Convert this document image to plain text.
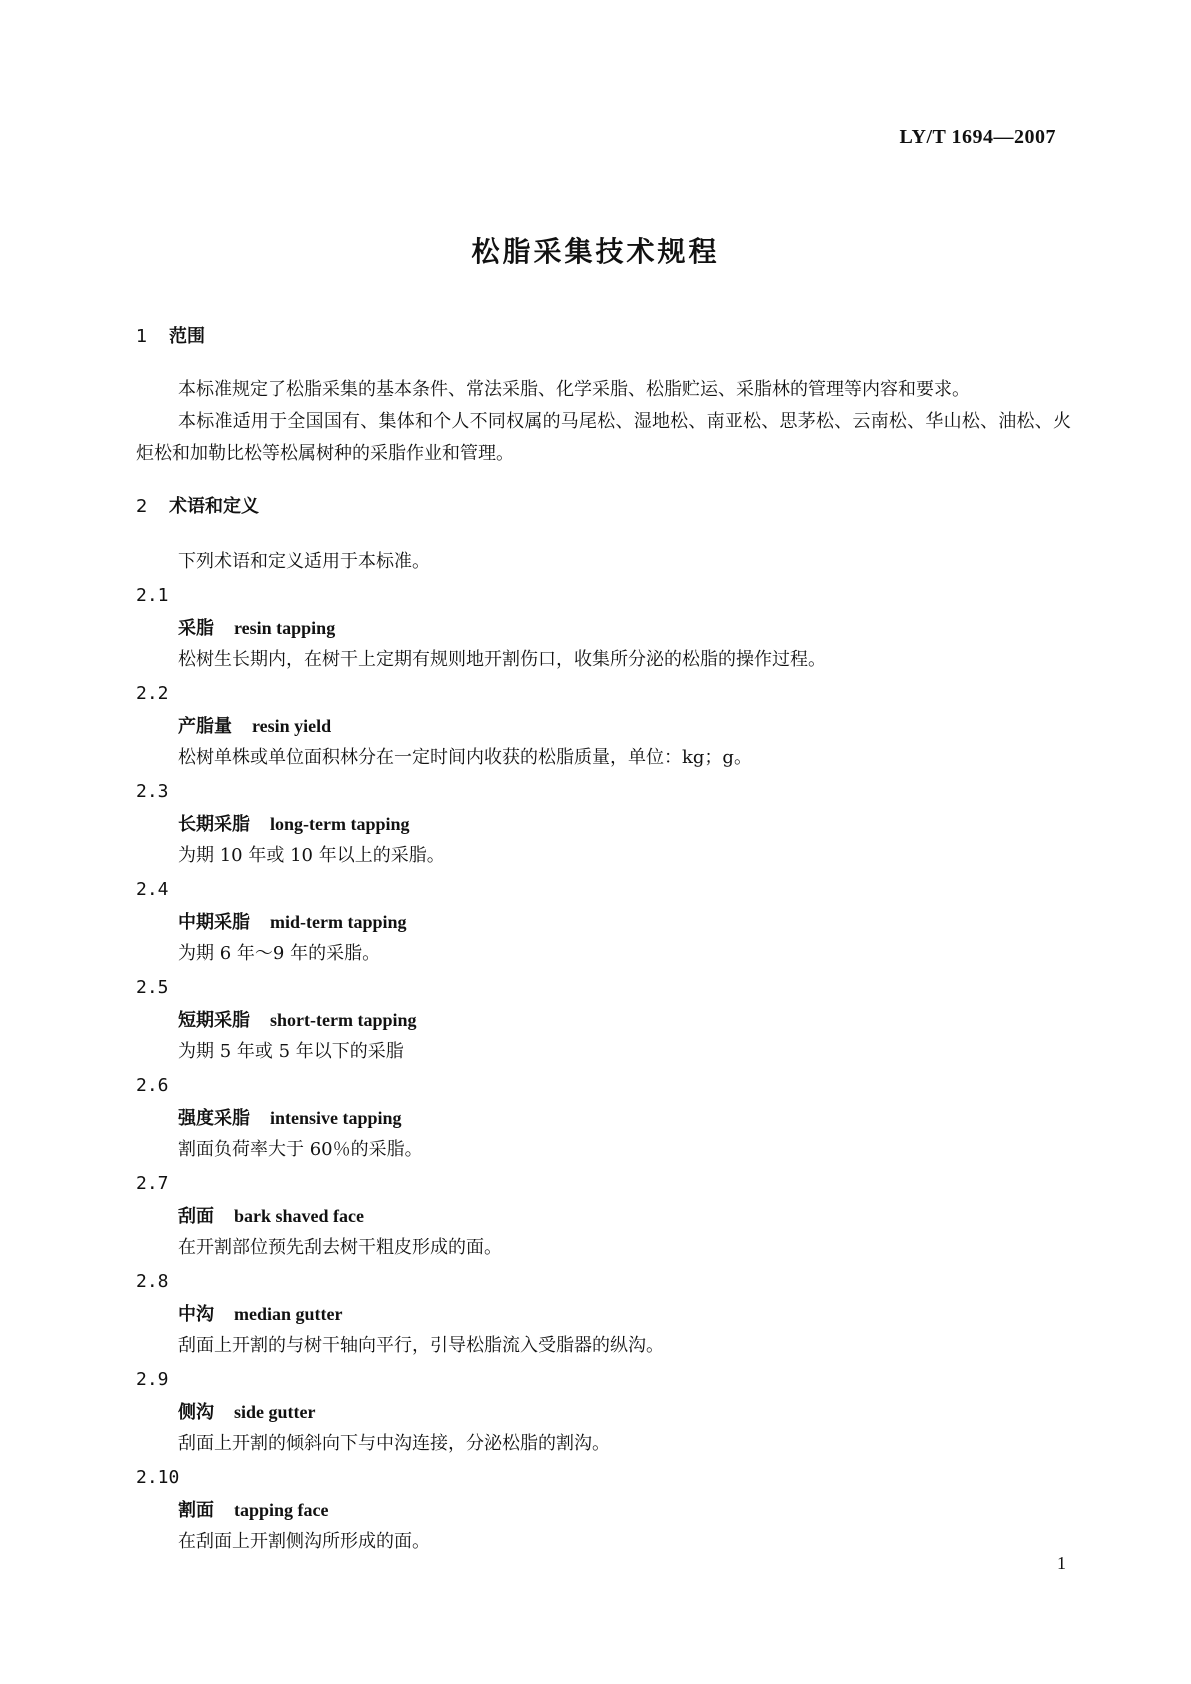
LY/T 1694—2007
松脂采集技术规程
1 范围
本标准规定了松脂采集的基本条件、常法采脂、化学采脂、松脂贮运、采脂林的管理等内容和要求。
本标准适用于全国国有、集体和个人不同权属的马尾松、湿地松、南亚松、思茅松、云南松、华山松、油松、火炬松和加勒比松等松属树种的采脂作业和管理。
2 术语和定义
下列术语和定义适用于本标准。
2.1
采脂 resin tapping
松树生长期内，在树干上定期有规则地开割伤口，收集所分泌的松脂的操作过程。
2.2
产脂量 resin yield
松树单株或单位面积林分在一定时间内收获的松脂质量，单位：kg；g。
2.3
长期采脂 long-term tapping
为期 10 年或 10 年以上的采脂。
2.4
中期采脂 mid-term tapping
为期 6 年～9 年的采脂。
2.5
短期采脂 short-term tapping
为期 5 年或 5 年以下的采脂
2.6
强度采脂 intensive tapping
割面负荷率大于 60％的采脂。
2.7
刮面 bark shaved face
在开割部位预先刮去树干粗皮形成的面。
2.8
中沟 median gutter
刮面上开割的与树干轴向平行，引导松脂流入受脂器的纵沟。
2.9
侧沟 side gutter
刮面上开割的倾斜向下与中沟连接，分泌松脂的割沟。
2.10
割面 tapping face
在刮面上开割侧沟所形成的面。
1
